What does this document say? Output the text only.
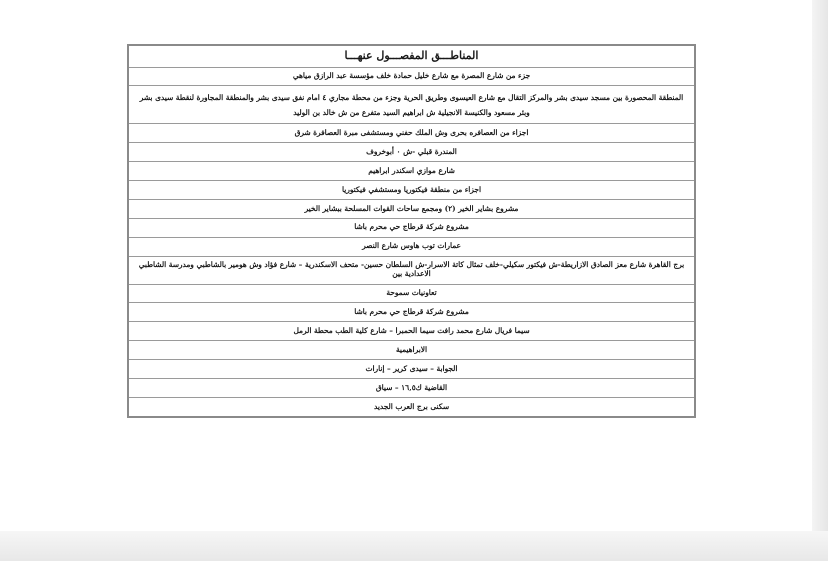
المناطـــق المفصـــول عنهـــا
جزء من شارع المصرة مع شارع خليل حمادة خلف مؤسسة عبد الرازق مياهي
المنطقة المحصورة بين مسجد سيدى بشر والمركز التقال مع شارع العيسوى وطريق الحرية وجزء من محطة مجاري ٤ امام نفق سيدى بشر والمنطقة المجاورة لنقطة سيدى بشر وبئر مسعود والكنيسة الانجيلية ش ابراهيم السيد متفرع من ش خالد بن الوليد
اجزاء من العصافره بحرى وش الملك حفني ومستشفى مبرة العصافرة شرق
المندرة قبلي -ش ٠ أبوخروف
شارع موازي اسكندر ابراهيم
اجزاء من منطقة فيكتوريا ومستشفي فيكتوريا
مشروع بشاير الخير (٢) ومجمع ساحات القوات المسلحة ببشاير الخير
مشروع شركة قرطاج حي محرم باشا
عمارات توب هاوس شارع النصر
برج القاهرة شارع معز الصادق الازاريطة-ش فيكتور سكيلي-خلف تمثال كاتة الاسرار-ش السلطان حسين- متحف الاسكندرية – شارع فؤاد وش هومير بالشاطبي ومدرسة الشاطبي الاعدادية بين
تعاونيات سموحة
مشروع شركة قرطاج حي محرم باشا
سيما فريال شارع محمد رافت سيما الحمبرا – شارع كلية الطب محطة الرمل
الابراهيمية
الجوابة – سيدى كرير – إنارات
القاضية ك٥‚١٦ – سياق
سكنى برج العرب الجديد
